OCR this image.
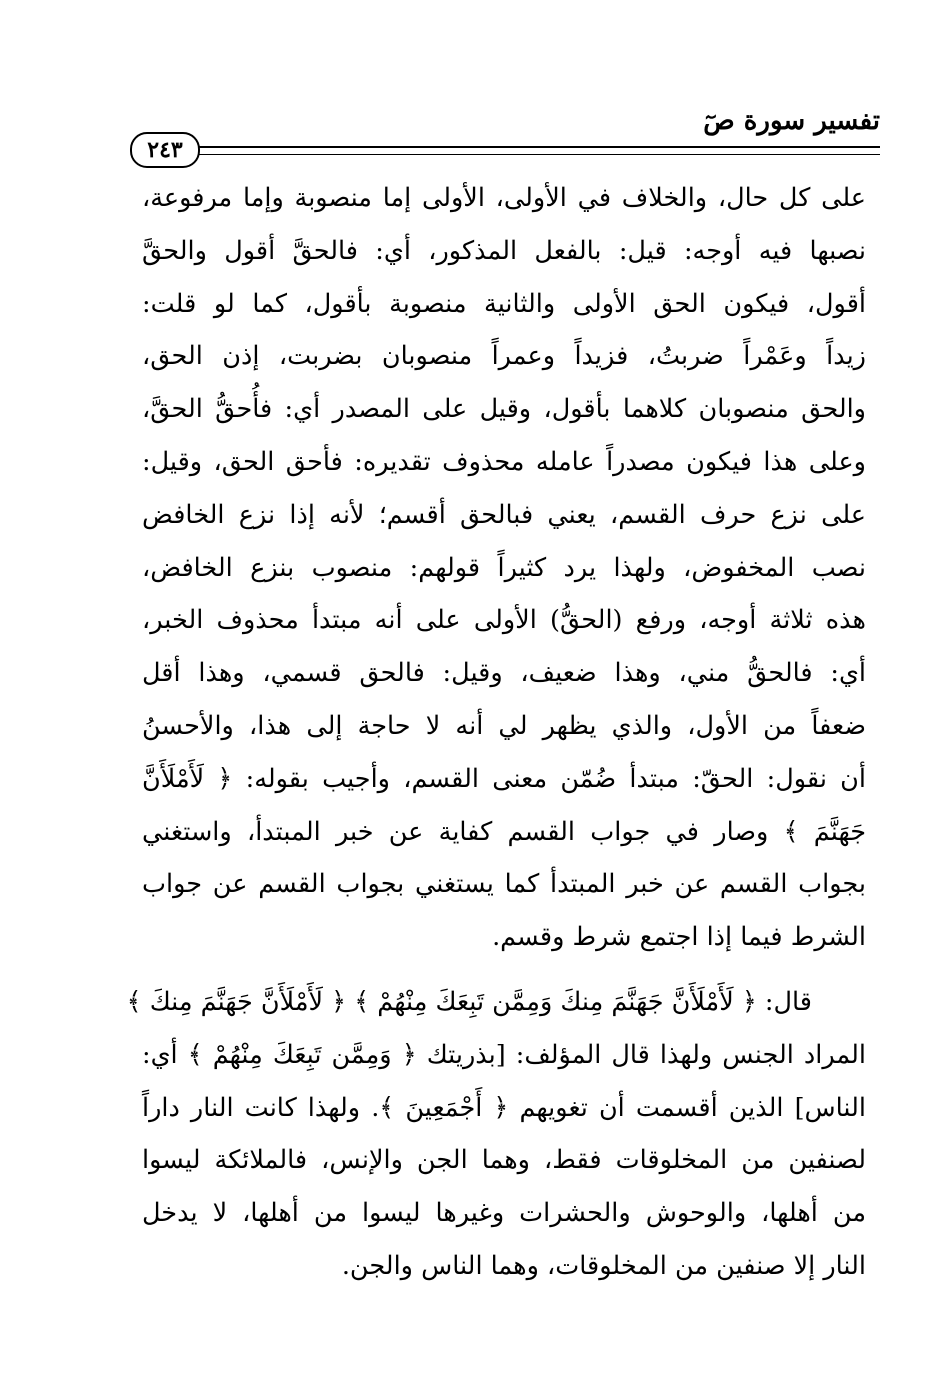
تفسير سورة صٓ
٢٤٣

على كل حال، والخلاف في الأولى، الأولى إما منصوبة وإما مرفوعة،
نصبها فيه أوجه: قيل: بالفعل المذكور، أي: فالحقَّ أقول والحقَّ
أقول، فيكون الحق الأولى والثانية منصوبة بأقول، كما لو قلت:
زيداً وعَمْراً ضربتُ، فزيداً وعمراً منصوبان بضربت، إذن الحق،
والحق منصوبان كلاهما بأقول، وقيل على المصدر أي: فأُحقُّ الحقَّ،
وعلى هذا فيكون مصدراً عامله محذوف تقديره: فأحق الحق، وقيل:
على نزع حرف القسم، يعني فبالحق أقسم؛ لأنه إذا نزع الخافض
نصب المخفوض، ولهذا يرد كثيراً قولهم: منصوب بنزع الخافض،
هذه ثلاثة أوجه، ورفع (الحقُّ) الأولى على أنه مبتدأ محذوف الخبر،
أي: فالحقُّ مني، وهذا ضعيف، وقيل: فالحق قسمي، وهذا أقل
ضعفاً من الأول، والذي يظهر لي أنه لا حاجة إلى هذا، والأحسنُ
أن نقول: الحقّ: مبتدأ ضُمّن معنى القسم، وأجيب بقوله: ﴿ لَأَمْلَأَنَّ
جَهَنَّمَ ﴾ وصار في جواب القسم كفاية عن خبر المبتدأ، واستغني
بجواب القسم عن خبر المبتدأ كما يستغني بجواب القسم عن جواب
الشرط فيما إذا اجتمع شرط وقسم.

قال: ﴿ لَأَمْلَأَنَّ جَهَنَّمَ مِنكَ وَمِمَّن تَبِعَكَ مِنْهُمْ ﴾ ﴿ لَأَمْلَأَنَّ جَهَنَّمَ مِنكَ ﴾
المراد الجنس ولهذا قال المؤلف: [بذريتك ﴿ وَمِمَّن تَبِعَكَ مِنْهُمْ ﴾ أي:
الناس] الذين أقسمت أن تغويهم ﴿ أَجْمَعِينَ ﴾. ولهذا كانت النار داراً
لصنفين من المخلوقات فقط، وهما الجن والإنس، فالملائكة ليسوا
من أهلها، والوحوش والحشرات وغيرها ليسوا من أهلها، لا يدخل
النار إلا صنفين من المخلوقات، وهما الناس والجن.
